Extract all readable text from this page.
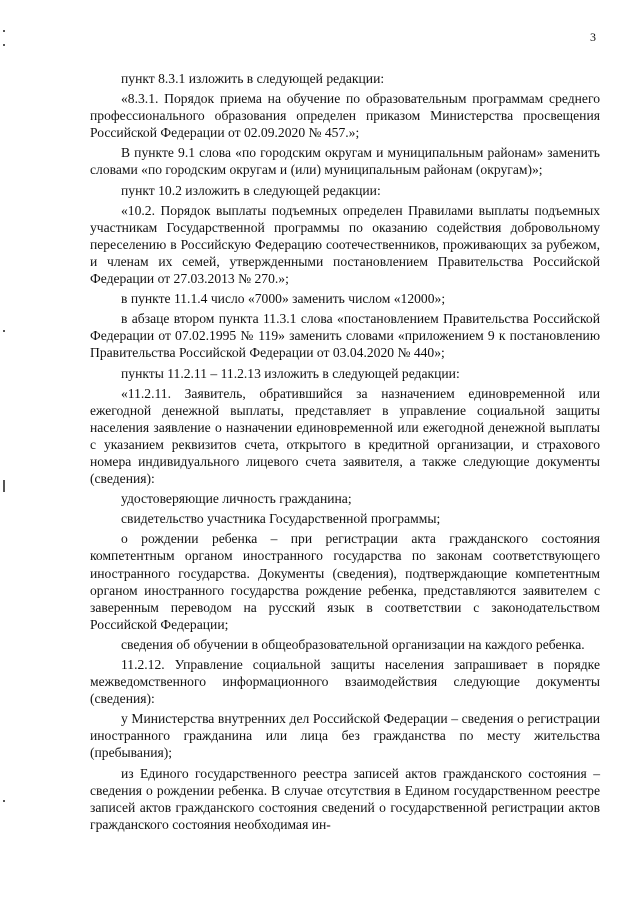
3

пункт 8.3.1 изложить в следующей редакции:

«8.3.1. Порядок приема на обучение по образовательным программам среднего профессионального образования определен приказом Министерства просвещения Российской Федерации от 02.09.2020 № 457.»;

В пункте 9.1 слова «по городским округам и муниципальным районам» заменить словами «по городским округам и (или) муниципальным районам (округам)»;

пункт 10.2 изложить в следующей редакции:

«10.2. Порядок выплаты подъемных определен Правилами выплаты подъемных участникам Государственной программы по оказанию содействия добровольному переселению в Российскую Федерацию соотечественников, проживающих за рубежом, и членам их семей, утвержденными постановлением Правительства Российской Федерации от 27.03.2013 № 270.»;

в пункте 11.1.4 число «7000» заменить числом «12000»;

в абзаце втором пункта 11.3.1 слова «постановлением Правительства Российской Федерации от 07.02.1995 № 119» заменить словами «приложением 9 к постановлению Правительства Российской Федерации от 03.04.2020 № 440»;

пункты 11.2.11 – 11.2.13 изложить в следующей редакции:

«11.2.11. Заявитель, обратившийся за назначением единовременной или ежегодной денежной выплаты, представляет в управление социальной защиты населения заявление о назначении единовременной или ежегодной денежной выплаты с указанием реквизитов счета, открытого в кредитной организации, и страхового номера индивидуального лицевого счета заявителя, а также следующие документы (сведения):

удостоверяющие личность гражданина;

свидетельство участника Государственной программы;

о рождении ребенка – при регистрации акта гражданского состояния компетентным органом иностранного государства по законам соответствующего иностранного государства. Документы (сведения), подтверждающие компетентным органом иностранного государства рождение ребенка, представляются заявителем с заверенным переводом на русский язык в соответствии с законодательством Российской Федерации;

сведения об обучении в общеобразовательной организации на каждого ребенка.

11.2.12. Управление социальной защиты населения запрашивает в порядке межведомственного информационного взаимодействия следующие документы (сведения):

у Министерства внутренних дел Российской Федерации – сведения о регистрации иностранного гражданина или лица без гражданства по месту жительства (пребывания);

из Единого государственного реестра записей актов гражданского состояния – сведения о рождении ребенка. В случае отсутствия в Едином государственном реестре записей актов гражданского состояния сведений о государственной регистрации актов гражданского состояния необходимая ин-
